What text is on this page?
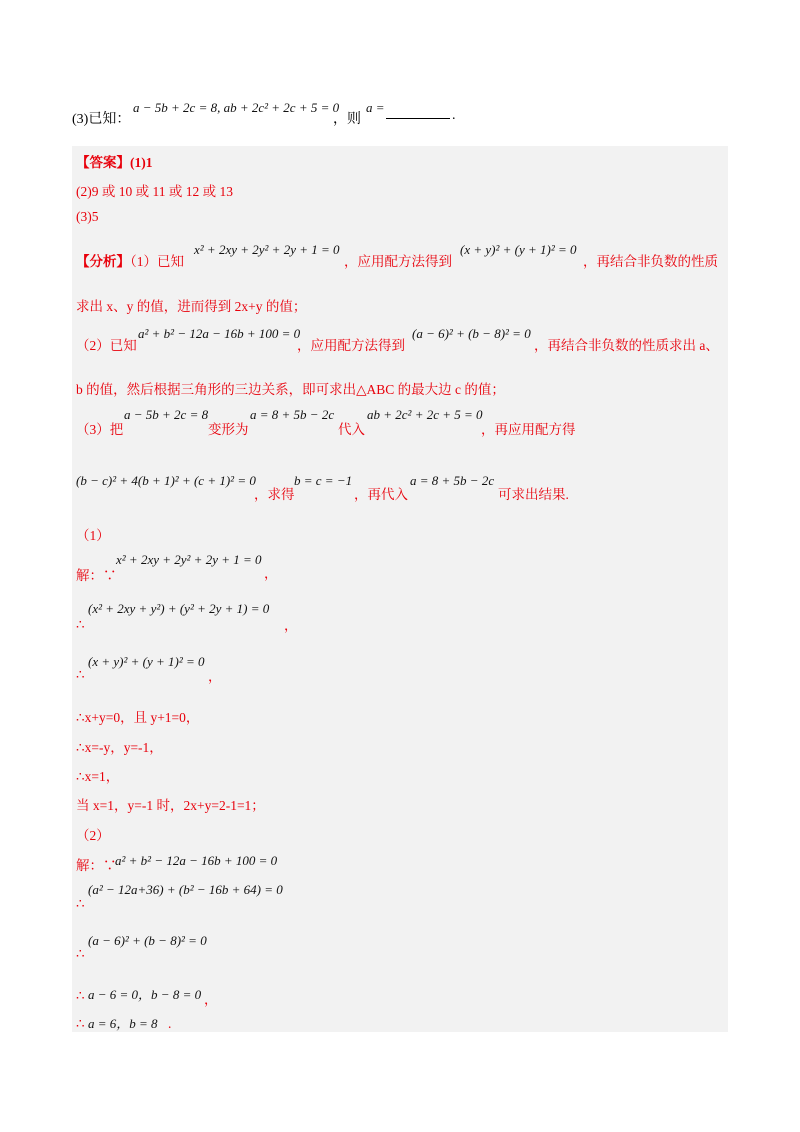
(3)已知：
a − 5b + 2c = 8, ab + 2c² + 2c + 5 = 0
，则
a =
.
【答案】(1)1
(2)9 或 10 或 11 或 12 或 13
(3)5
【分析】（1）已知
x² + 2xy + 2y² + 2y + 1 = 0
，应用配方法得到
(x + y)² + (y + 1)² = 0
，再结合非负数的性质
求出 x、y 的值，进而得到 2x+y 的值；
（2）已知
a² + b² − 12a − 16b + 100 = 0
，应用配方法得到
(a − 6)² + (b − 8)² = 0
，再结合非负数的性质求出 a、
b 的值，然后根据三角形的三边关系，即可求出△ABC 的最大边 c 的值；
（3）把
a − 5b + 2c = 8
变形为
a = 8 + 5b − 2c
代入
ab + 2c² + 2c + 5 = 0
，再应用配方得
(b − c)² + 4(b + 1)² + (c + 1)² = 0
，求得
b = c = −1
，再代入
a = 8 + 5b − 2c
可求出结果.
（1）
解：∵
x² + 2xy + 2y² + 2y + 1 = 0
，
∴
(x² + 2xy + y²) + (y² + 2y + 1) = 0
，
∴
(x + y)² + (y + 1)² = 0
，
∴x+y=0，且 y+1=0，
∴x=-y，y=-1，
∴x=1，
当 x=1，y=-1 时，2x+y=2-1=1；
（2）
解：∵
a² + b² − 12a − 16b + 100 = 0
∴
(a² − 12a+36) + (b² − 16b + 64) = 0
∴
(a − 6)² + (b − 8)² = 0
∴ a − 6 = 0，b − 8 = 0 ，
∴ a = 6，b = 8 .
